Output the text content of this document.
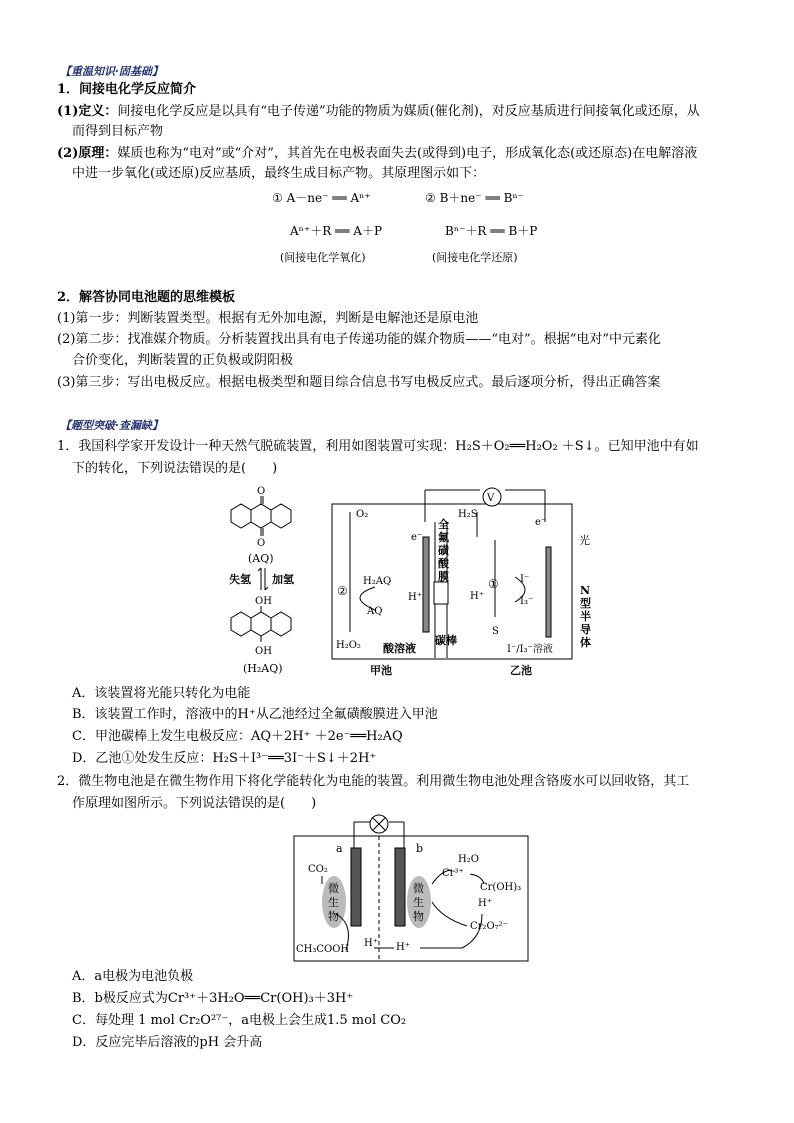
【重温知识·固基础】
1．间接电化学反应简介
(1)定义：间接电化学反应是以具有“电子传递”功能的物质为媒质(催化剂)，对反应基质进行间接氧化或还原，从
而得到目标产物
(2)原理：媒质也称为“电对”或“介对”，其首先在电极表面失去(或得到)电子，形成氧化态(或还原态)在电解溶液
中进一步氧化(或还原)反应基质，最终生成目标产物。其原理图示如下：
① A－ne⁻ ══ Aⁿ⁺
Aⁿ⁺＋R ══ A＋P
(间接电化学氧化)
② B＋ne⁻ ══ Bⁿ⁻
Bⁿ⁻＋R ══ B＋P
(间接电化学还原)
2．解答协同电池题的思维模板
(1)第一步：判断装置类型。根据有无外加电源，判断是电解池还是原电池
(2)第二步：找准媒介物质。分析装置找出具有电子传递功能的媒介物质——“电对”。根据“电对”中元素化
合价变化，判断装置的正负极或阴阳极
(3)第三步：写出电极反应。根据电极类型和题目综合信息书写电极反应式。最后逐项分析，得出正确答案
【题型突破·查漏缺】
1．我国科学家开发设计一种天然气脱硫装置，利用如图装置可实现：H₂S＋O₂══H₂O₂ ＋S↓。已知甲池中有如
下的转化，下列说法错误的是(　　)
O
O
(AQ)
失氢 加氢
OH
OH
(H₂AQ)
V
O₂	H₂S
e⁻
e⁻
光
全 氟 磺 酸 膜
N 型 半 导 体
②
H₂AQ
AQ
H⁺	H⁺
① I⁻
I₃⁻
S
H₂O₂ 酸溶液
碳棒
I⁻/I₃⁻溶液
甲池	乙池
A．该装置将光能只转化为电能
B．该装置工作时，溶液中的H⁺从乙池经过全氟磺酸膜进入甲池
C．甲池碳棒上发生电极反应：AQ＋2H⁺ ＋2e⁻══H₂AQ
D．乙池①处发生反应：H₂S＋I³⁻══3I⁻＋S↓＋2H⁺
2．微生物电池是在微生物作用下将化学能转化为电能的装置。利用微生物电池处理含铬废水可以回收铬，其工
作原理如图所示。下列说法错误的是(　　)
a	b
CO₂
微 生 物
微 生 物
CH₃COOH
H⁺ H⁺
Cr³⁺
H₂O
Cr(OH)₃
H⁺
Cr₂O₇²⁻
A．a电极为电池负极
B．b极反应式为Cr³⁺＋3H₂O══Cr(OH)₃＋3H⁺
C．每处理 1 mol Cr₂O²⁷⁻，a电极上会生成1.5 mol CO₂
D．反应完毕后溶液的pH 会升高
